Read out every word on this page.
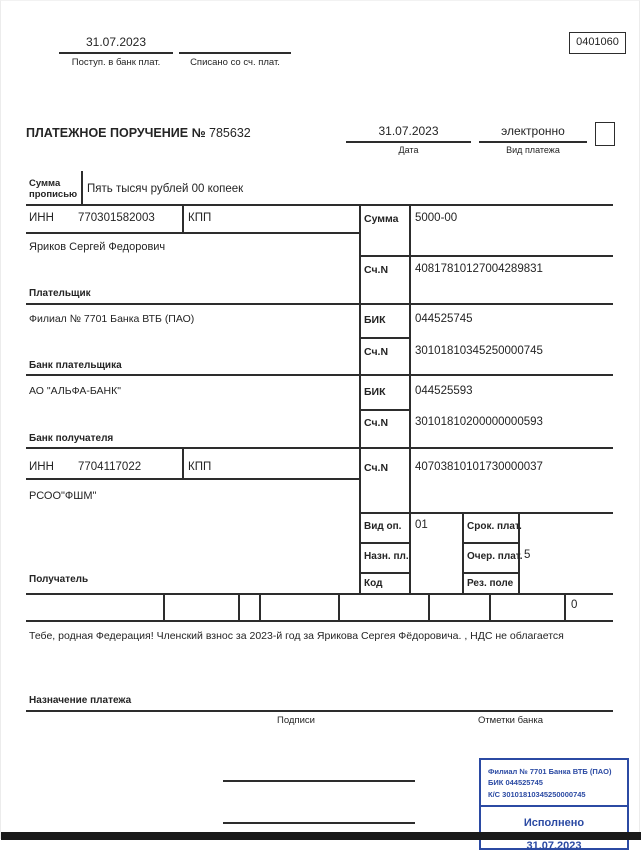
31.07.2023
Поступ. в банк плат.	Списано со сч. плат.
0401060
ПЛАТЕЖНОЕ ПОРУЧЕНИЕ № 785632	31.07.2023
Дата
электронно
Вид платежа
Сумма прописью Пять тысяч рублей 00 копеек
ИНН 770301582003	КПП
Яриков Сергей Федорович
Плательщик
Сумма 5000-00
Сч.N 40817810127004289831
Филиал № 7701 Банка ВТБ (ПАО)
Банк плательщика
БИК	044525745
Сч.N 30101810345250000745
АО "АЛЬФА-БАНК"
Банк получателя
БИК	044525593
Сч.N 30101810200000000593
ИНН 7704117022	КПП	Сч.N 40703810101730000037
РСОО"ФШМ"
Получатель
Вид оп. 01	Срок. плат.
Назн. пл.	Очер. плат. 5
Код	Рез. поле
0
Тебе, родная Федерация! Членский взнос за 2023-й год за Ярикова Сергея Фёдоровича. , НДС не облагается
Назначение платежа
Подписи	Отметки банка
Филиал № 7701 Банка ВТБ (ПАО)
БИК 044525745
К/С 30101810345250000745
Исполнено
31.07.2023
